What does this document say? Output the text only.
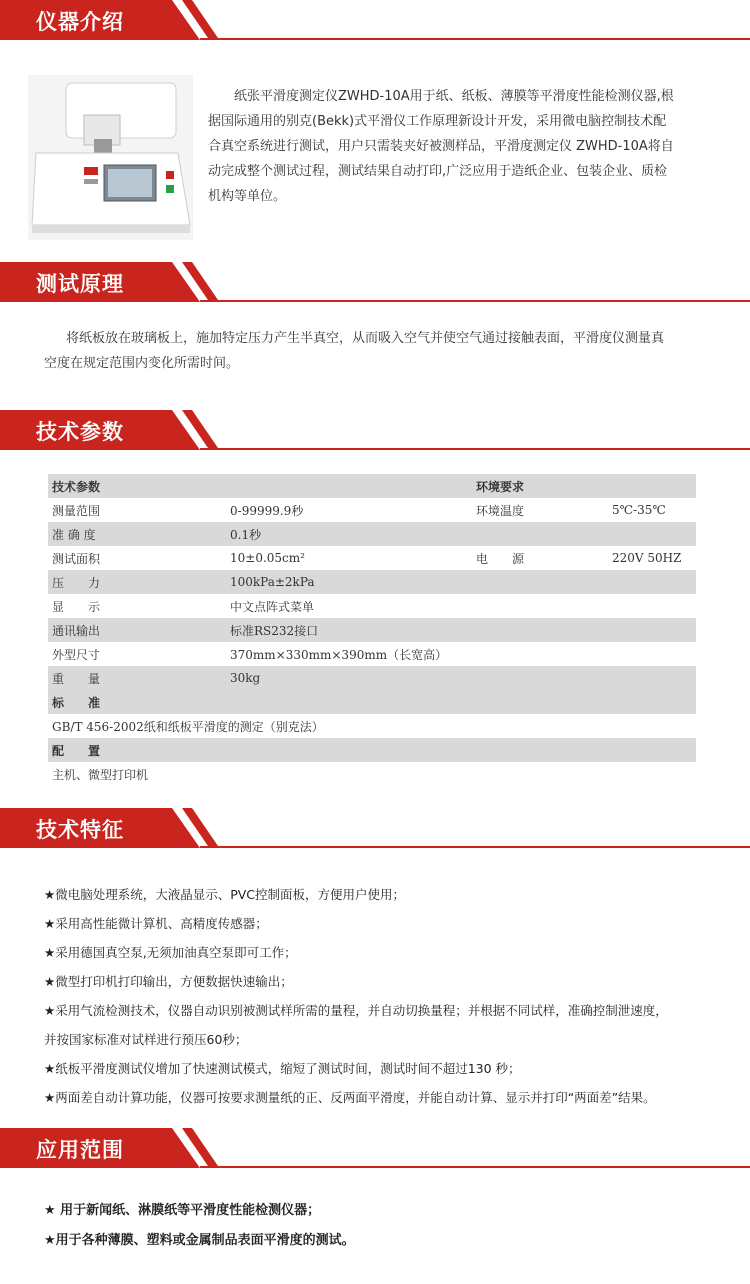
仪器介绍
纸张平滑度测定仪ZWHD-10A用于纸、纸板、薄膜等平滑度性能检测仪器,根
据国际通用的别克(Bekk)式平滑仪工作原理新设计开发，采用微电脑控制技术配
合真空系统进行测试，用户只需装夹好被测样品，平滑度测定仪 ZWHD-10A将自
动完成整个测试过程，测试结果自动打印,广泛应用于造纸企业、包装企业、质检
机构等单位。
测试原理
将纸板放在玻璃板上，施加特定压力产生半真空，从而吸入空气并使空气通过接触表面，平滑度仪测量真
空度在规定范围内变化所需时间。
技术参数
技术参数		环境要求	
测量范围	0-99999.9秒	环境温度	5℃-35℃
准 确 度	0.1秒		
测试面积	10±0.05cm²	电　　源	220V 50HZ
压　　力	100kPa±2kPa		
显　　示	中文点阵式菜单		
通讯输出	标准RS232接口		
外型尺寸	370mm×330mm×390mm（长宽高）		
重　　量	30kg		
标　　准			
GB/T 456-2002纸和纸板平滑度的测定（别克法）			
配　　置			
主机、微型打印机			
技术特征
★微电脑处理系统，大液晶显示、PVC控制面板，方便用户使用；
★采用高性能微计算机、高精度传感器；
★采用德国真空泵,无须加油真空泵即可工作；
★微型打印机打印输出，方便数据快速输出；
★采用气流检测技术，仪器自动识别被测试样所需的量程，并自动切换量程；并根据不同试样，准确控制泄速度，
并按国家标准对试样进行预压60秒；
★纸板平滑度测试仪增加了快速测试模式，缩短了测试时间，测试时间不超过130 秒；
★两面差自动计算功能，仪器可按要求测量纸的正、反两面平滑度，并能自动计算、显示并打印“两面差”结果。
应用范围
★ 用于新闻纸、淋膜纸等平滑度性能检测仪器；
★用于各种薄膜、塑料或金属制品表面平滑度的测试。
